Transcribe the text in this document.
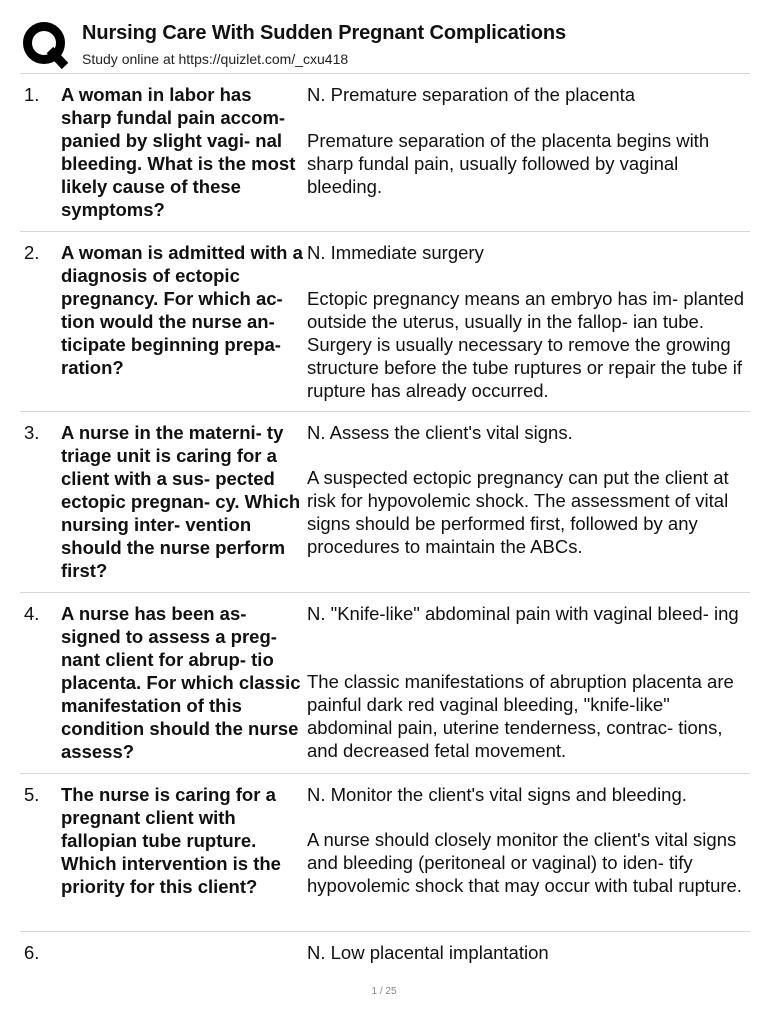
Nursing Care With Sudden Pregnant Complications
Study online at https://quizlet.com/_cxu418
1. A woman in labor has sharp fundal pain accom- panied by slight vagi- nal bleeding. What is the most likely cause of these symptoms?
N. Premature separation of the placenta
Premature separation of the placenta begins with sharp fundal pain, usually followed by vaginal bleeding.
2. A woman is admitted with a diagnosis of ectopic pregnancy. For which ac- tion would the nurse an- ticipate beginning prepa- ration?
N. Immediate surgery
Ectopic pregnancy means an embryo has im- planted outside the uterus, usually in the fallop- ian tube. Surgery is usually necessary to remove the growing structure before the tube ruptures or repair the tube if rupture has already occurred.
3. A nurse in the materni- ty triage unit is caring for a client with a sus- pected ectopic pregnan- cy. Which nursing inter- vention should the nurse perform first?
N. Assess the client's vital signs.
A suspected ectopic pregnancy can put the client at risk for hypovolemic shock. The assessment of vital signs should be performed first, followed by any procedures to maintain the ABCs.
4. A nurse has been as- signed to assess a preg- nant client for abrup- tio placenta. For which classic manifestation of this condition should the nurse assess?
N. "Knife-like" abdominal pain with vaginal bleed- ing
The classic manifestations of abruption placenta are painful dark red vaginal bleeding, "knife-like" abdominal pain, uterine tenderness, contrac- tions, and decreased fetal movement.
5. The nurse is caring for a pregnant client with fallopian tube rupture. Which intervention is the priority for this client?
N. Monitor the client's vital signs and bleeding.
A nurse should closely monitor the client's vital signs and bleeding (peritoneal or vaginal) to iden- tify hypovolemic shock that may occur with tubal rupture.
6.	N. Low placental implantation
1 / 25
